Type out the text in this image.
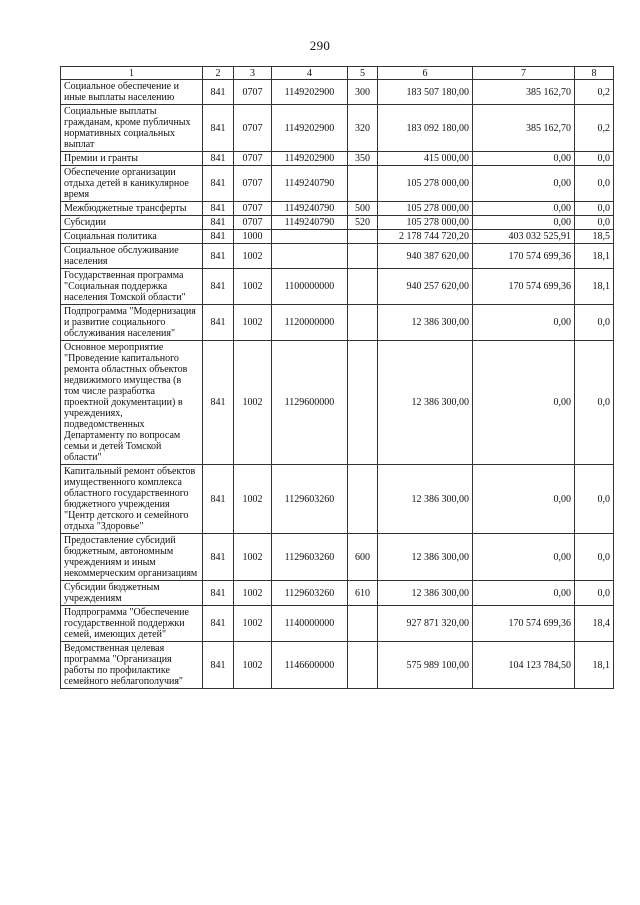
290
1	2	3	4	5	6	7	8
Социальное обеспечение и иные выплаты населению	841	0707	1149202900	300	183 507 180,00	385 162,70	0,2
Социальные выплаты гражданам, кроме публичных нормативных социальных выплат	841	0707	1149202900	320	183 092 180,00	385 162,70	0,2
Премии и гранты	841	0707	1149202900	350	415 000,00	0,00	0,0
Обеспечение организации отдыха детей в каникулярное время	841	0707	1149240790		105 278 000,00	0,00	0,0
Межбюджетные трансферты	841	0707	1149240790	500	105 278 000,00	0,00	0,0
Субсидии	841	0707	1149240790	520	105 278 000,00	0,00	0,0
Социальная политика	841	1000			2 178 744 720,20	403 032 525,91	18,5
Социальное обслуживание населения	841	1002			940 387 620,00	170 574 699,36	18,1
Государственная программа "Социальная поддержка населения Томской области"	841	1002	1100000000		940 257 620,00	170 574 699,36	18,1
Подпрограмма "Модернизация и развитие социального обслуживания населения"	841	1002	1120000000		12 386 300,00	0,00	0,0
Основное мероприятие "Проведение капитального ремонта областных объектов недвижимого имущества (в том числе разработка проектной документации) в учреждениях, подведомственных Департаменту по вопросам семьи и детей Томской области"	841	1002	1129600000		12 386 300,00	0,00	0,0
Капитальный ремонт объектов имущественного комплекса областного государственного бюджетного учреждения "Центр детского и семейного отдыха "Здоровье"	841	1002	1129603260		12 386 300,00	0,00	0,0
Предоставление субсидий бюджетным, автономным учреждениям и иным некоммерческим организациям	841	1002	1129603260	600	12 386 300,00	0,00	0,0
Субсидии бюджетным учреждениям	841	1002	1129603260	610	12 386 300,00	0,00	0,0
Подпрограмма "Обеспечение государственной поддержки семей, имеющих детей"	841	1002	1140000000		927 871 320,00	170 574 699,36	18,4
Ведомственная целевая программа "Организация работы по профилактике семейного неблагополучия"	841	1002	1146600000		575 989 100,00	104 123 784,50	18,1
